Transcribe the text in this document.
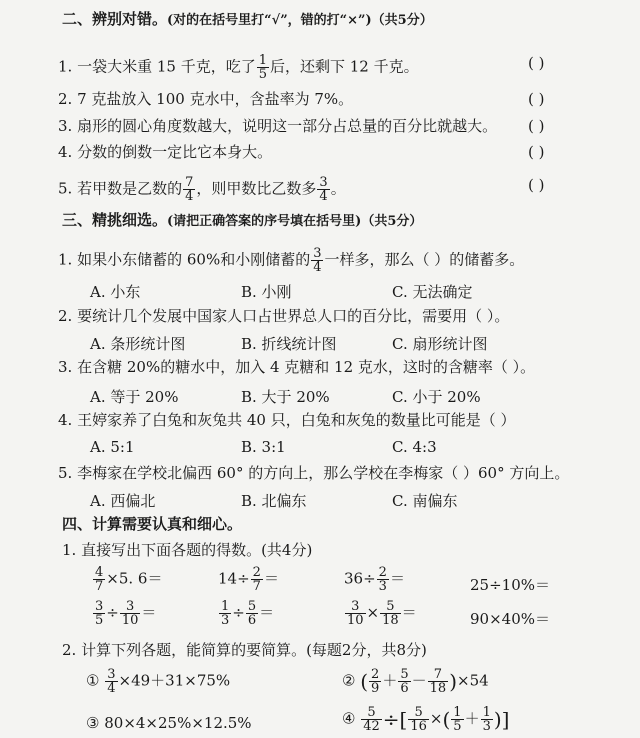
二、辨别对错。(对的在括号里打“√”，错的打“×”)（共5分）
1. 一袋大米重 15 千克，吃了 $\frac{1}{5}$ 后，还剩下 12 千克。	( )
2. 7 克盐放入 100 克水中，含盐率为 7%。	( )
3. 扇形的圆心角度数越大，说明这一部分占总量的百分比就越大。 ( )
4. 分数的倒数一定比它本身大。	( )
5. 若甲数是乙数的 $\frac{7}{4}$ ，则甲数比乙数多 $\frac{3}{4}$ 。	( )
三、精挑细选。(请把正确答案的序号填在括号里)（共5分）
1. 如果小东储蓄的 60%和小刚储蓄的 $\frac{3}{4}$ 一样多，那么（ ）的储蓄多。
A. 小东	B. 小刚	C. 无法确定
2. 要统计几个发展中国家人口占世界总人口的百分比，需要用（ ）。
A. 条形统计图	B. 折线统计图	C. 扇形统计图
3. 在含糖 20%的糖水中，加入 4 克糖和 12 克水，这时的含糖率（ ）。
A. 等于 20%	B. 大于 20%	C. 小于 20%
4. 王婷家养了白兔和灰兔共 40 只，白兔和灰兔的数量比可能是（ ）
A. 5:1	B. 3:1	C. 4:3
5. 李梅家在学校北偏西 60° 的方向上，那么学校在李梅家（ ）60° 方向上。
A. 西偏北	B. 北偏东	C. 南偏东
四、计算需要认真和细心。
1. 直接写出下面各题的得数。(共4分)
$\frac{4}{7} \times 5$. 6＝	$14\div \frac{2}{7}$ ＝	$36\div \frac{2}{3}$ ＝	25÷10%＝
$\frac{3}{5} \div \frac{3}{10}$ ＝	$\frac{1}{3} \div \frac{5}{6}$ ＝	$\frac{3}{10} \times \frac{5}{18}$ ＝	90×40%＝
2. 计算下列各题，能简算的要简算。(每题2分，共8分)
① $\frac{3}{4} \times 49+31\times 75\%$	② ( $\frac{2}{9} + \frac{5}{6} - \frac{7}{18} )\times 54$
③ 80×4×25%×12.5%	④ $\frac{5}{42}$ ÷[ $\frac{5}{16}$ ×( $\frac{1}{5} + \frac{1}{3}$ )]
